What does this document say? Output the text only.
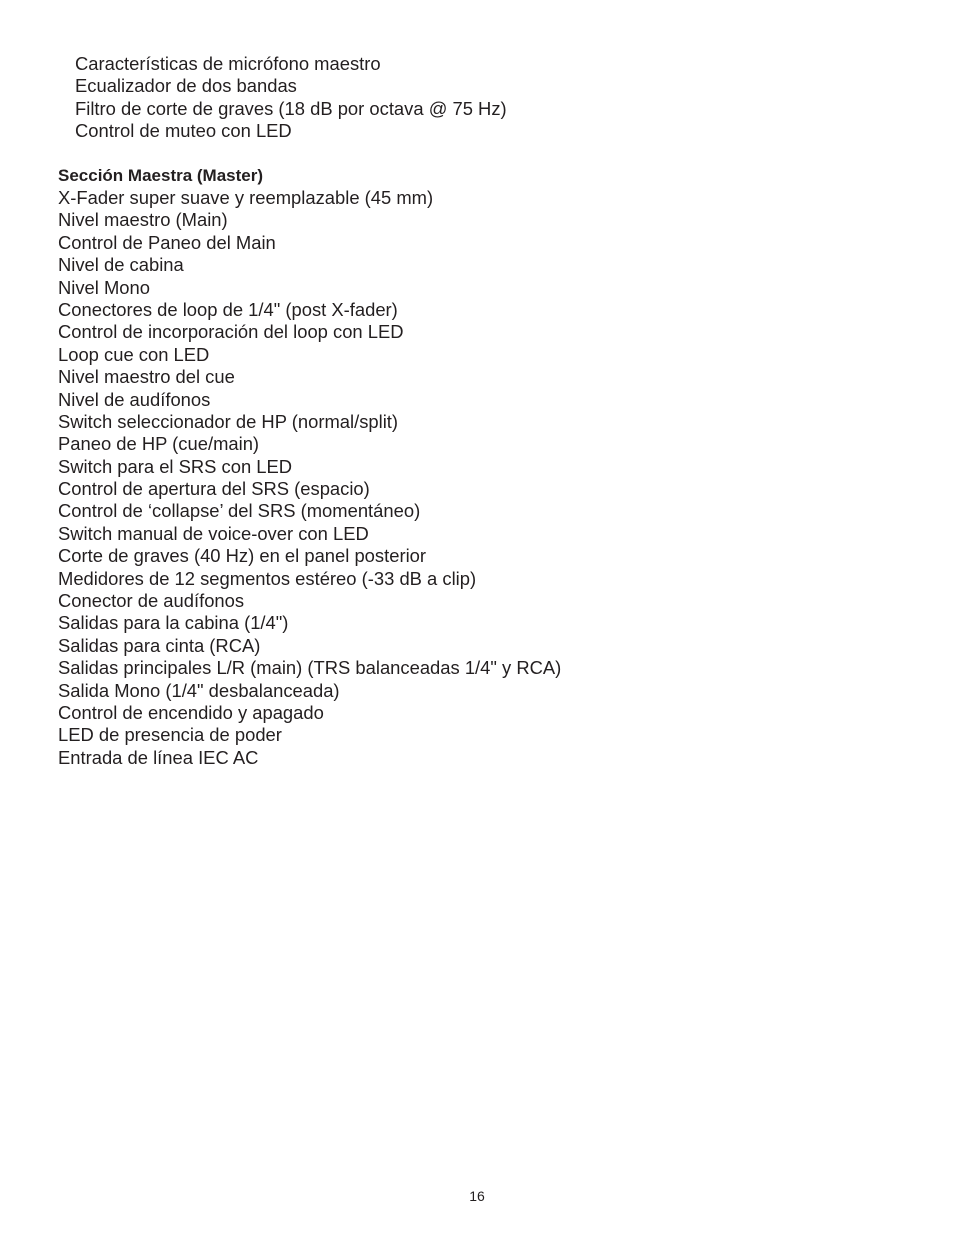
Características de micrófono maestro
Ecualizador de dos bandas
Filtro de corte de graves (18 dB por octava @ 75 Hz)
Control de muteo con LED
Sección Maestra (Master)
X-Fader super suave y reemplazable (45 mm)
Nivel maestro (Main)
Control de Paneo del Main
Nivel de cabina
Nivel Mono
Conectores de loop de 1/4" (post X-fader)
Control de incorporación del loop con LED
Loop cue con LED
Nivel maestro del cue
Nivel de audífonos
Switch seleccionador de HP (normal/split)
Paneo de HP (cue/main)
Switch para el SRS con LED
Control de apertura del SRS (espacio)
Control de ‘collapse’ del SRS (momentáneo)
Switch manual de voice-over con LED
Corte de graves (40 Hz) en el panel posterior
Medidores de 12 segmentos estéreo (-33 dB a clip)
Conector de audífonos
Salidas para la cabina (1/4")
Salidas para cinta (RCA)
Salidas principales L/R (main) (TRS balanceadas 1/4" y RCA)
Salida Mono (1/4" desbalanceada)
Control de encendido y apagado
LED de presencia de poder
Entrada de línea IEC AC
16
